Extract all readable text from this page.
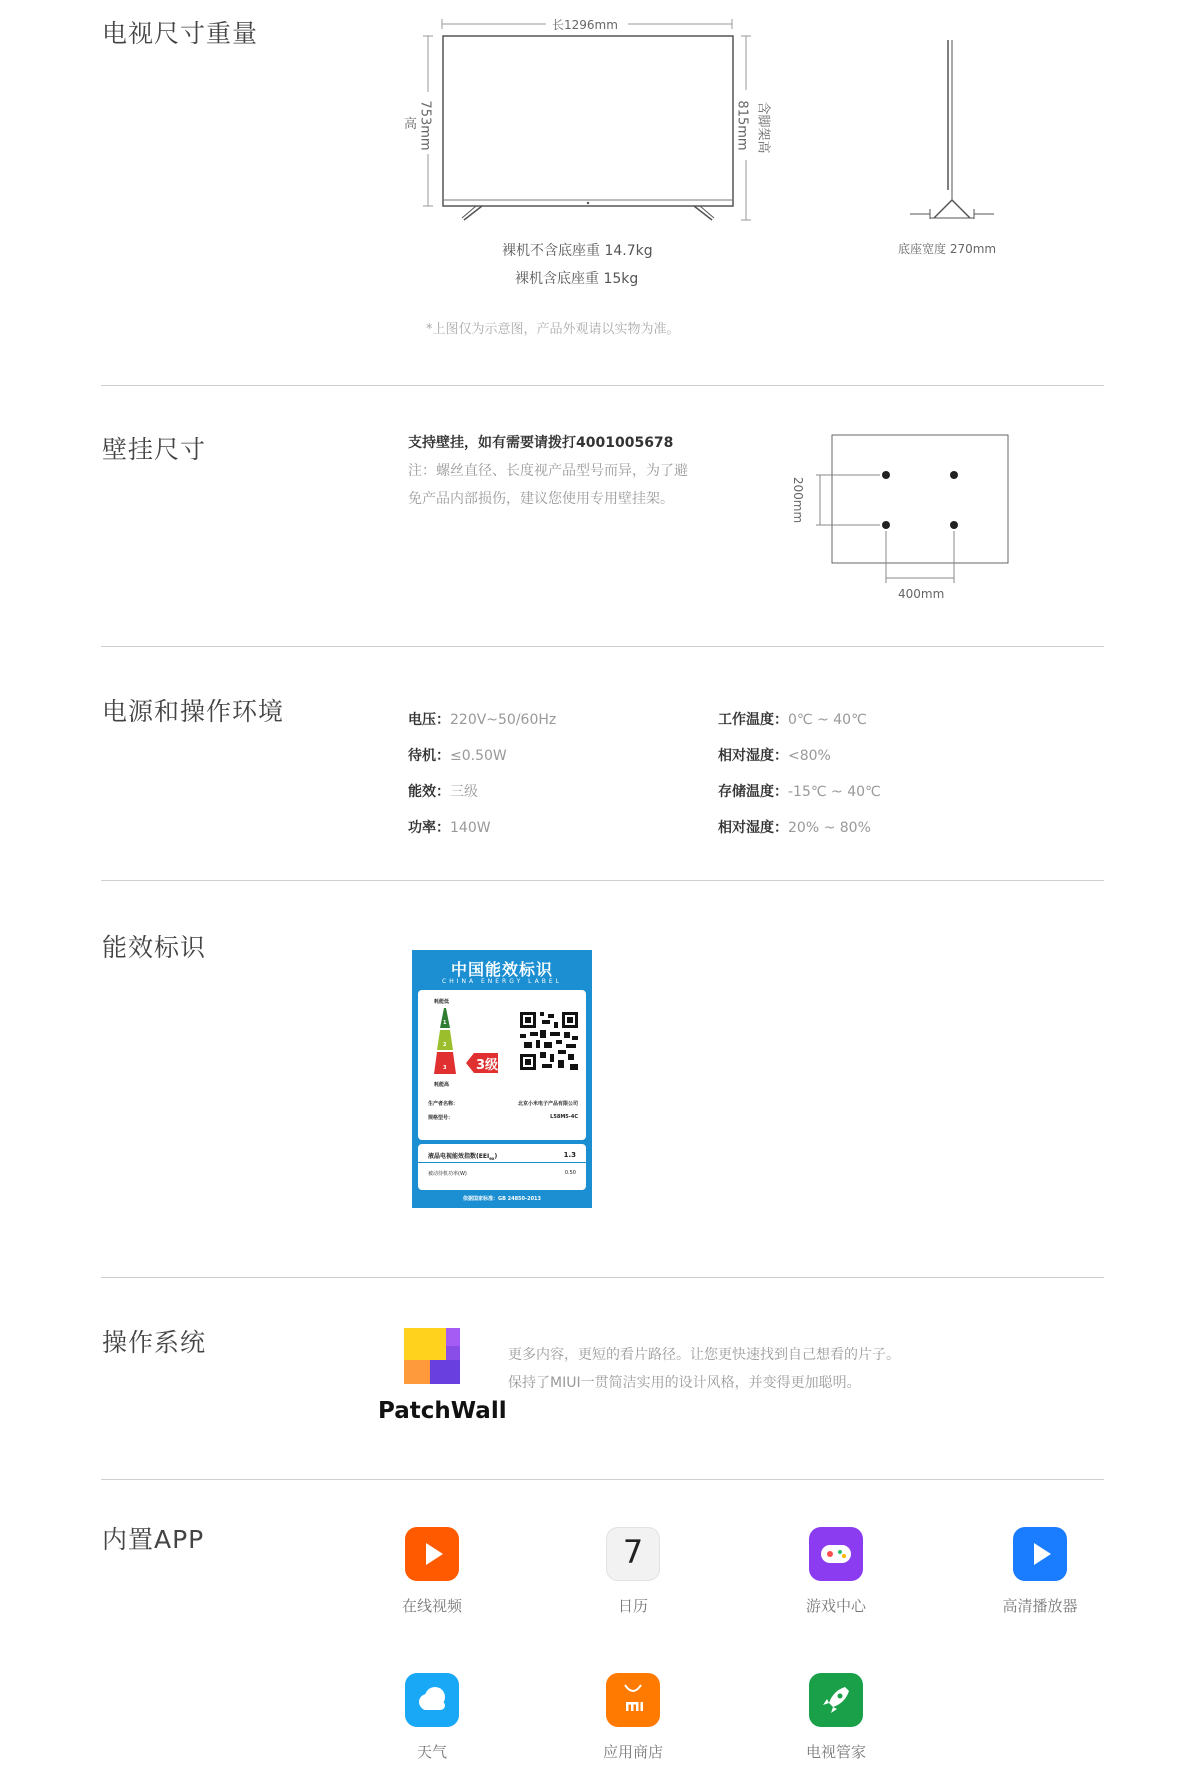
电视尺寸重量	长1296mm
753mm
高	815mm 含脚架高
裸机不含底座重 14.7kg
裸机含底座重 15kg
底座宽度 270mm
*上图仅为示意图，产品外观请以实物为准。
壁挂尺寸	支持壁挂，如有需要请拨打4001005678
注：螺丝直径、长度视产品型号而异，为了避
免产品内部损伤，建议您使用专用壁挂架。	200mm
400mm
电源和操作环境	电压：220V~50/60Hz
待机：≤0.50W
能效：三级
功率：140W
工作温度：0℃ ~ 40℃
相对湿度：<80%
存储温度：-15℃ ~ 40℃
相对湿度：20% ~ 80%
能效标识
中国能效标识
CHINA ENERGY LABEL
耗能低
1
2
3 3级
耗能高
生产者名称：	北京小米电子产品有限公司
规格型号：	L58M5-4C
液晶电视能效指数$(EEI_{ex})$	1.3
被动待机功率(W)	0.50
依据国家标准：GB 24850-2013
操作系统
PatchWall
更多内容，更短的看片路径。让您更快速找到自己想看的片子。
保持了MIUI一贯简洁实用的设计风格，并变得更加聪明。
内置APP
在线视频
7
日历	游戏中心	高清播放器
天气	应用商店	电视管家
